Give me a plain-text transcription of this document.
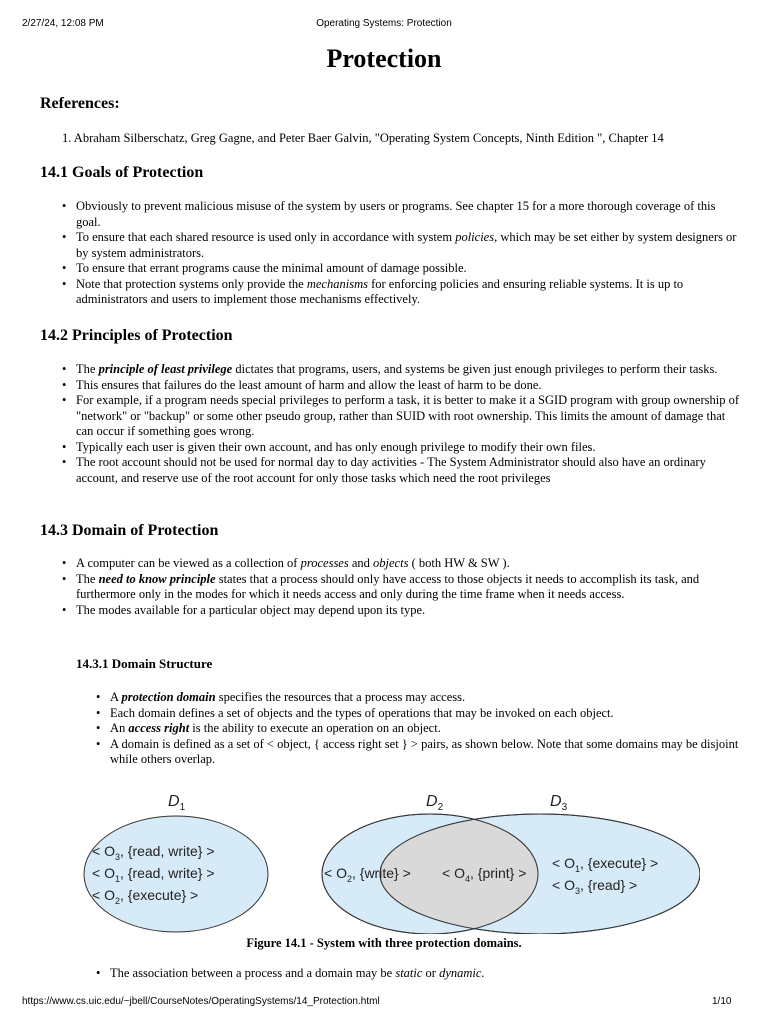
2/27/24, 12:08 PM	Operating Systems: Protection
Protection
References:
1. Abraham Silberschatz, Greg Gagne, and Peter Baer Galvin, "Operating System Concepts, Ninth Edition ", Chapter 14
14.1 Goals of Protection
• Obviously to prevent malicious misuse of the system by users or programs. See chapter 15 for a more thorough coverage of this goal.
• To ensure that each shared resource is used only in accordance with system policies, which may be set either by system designers or by system administrators.
• To ensure that errant programs cause the minimal amount of damage possible.
• Note that protection systems only provide the mechanisms for enforcing policies and ensuring reliable systems. It is up to administrators and users to implement those mechanisms effectively.
14.2 Principles of Protection
• The principle of least privilege dictates that programs, users, and systems be given just enough privileges to perform their tasks.
• This ensures that failures do the least amount of harm and allow the least of harm to be done.
• For example, if a program needs special privileges to perform a task, it is better to make it a SGID program with group ownership of "network" or "backup" or some other pseudo group, rather than SUID with root ownership. This limits the amount of damage that can occur if something goes wrong.
• Typically each user is given their own account, and has only enough privilege to modify their own files.
• The root account should not be used for normal day to day activities - The System Administrator should also have an ordinary account, and reserve use of the root account for only those tasks which need the root privileges
14.3 Domain of Protection
• A computer can be viewed as a collection of processes and objects ( both HW & SW ).
• The need to know principle states that a process should only have access to those objects it needs to accomplish its task, and furthermore only in the modes for which it needs access and only during the time frame when it needs access.
• The modes available for a particular object may depend upon its type.
14.3.1 Domain Structure
• A protection domain specifies the resources that a process may access.
• Each domain defines a set of objects and the types of operations that may be invoked on each object.
• An access right is the ability to execute an operation on an object.
• A domain is defined as a set of < object, { access right set } > pairs, as shown below. Note that some domains may be disjoint while others overlap.
$D_1$	$D_2$	$D_3$
< $O_3$, {read, write} >
< $O_1$, {read, write} >
< $O_2$, {execute} >
< $O_2$, {write} > < $O_4$, {print} >
< $O_1$, {execute} >
< $O_3$, {read} >
Figure 14.1 - System with three protection domains.
• The association between a process and a domain may be static or dynamic.
https://www.cs.uic.edu/~jbell/CourseNotes/OperatingSystems/14_Protection.html	1/10
